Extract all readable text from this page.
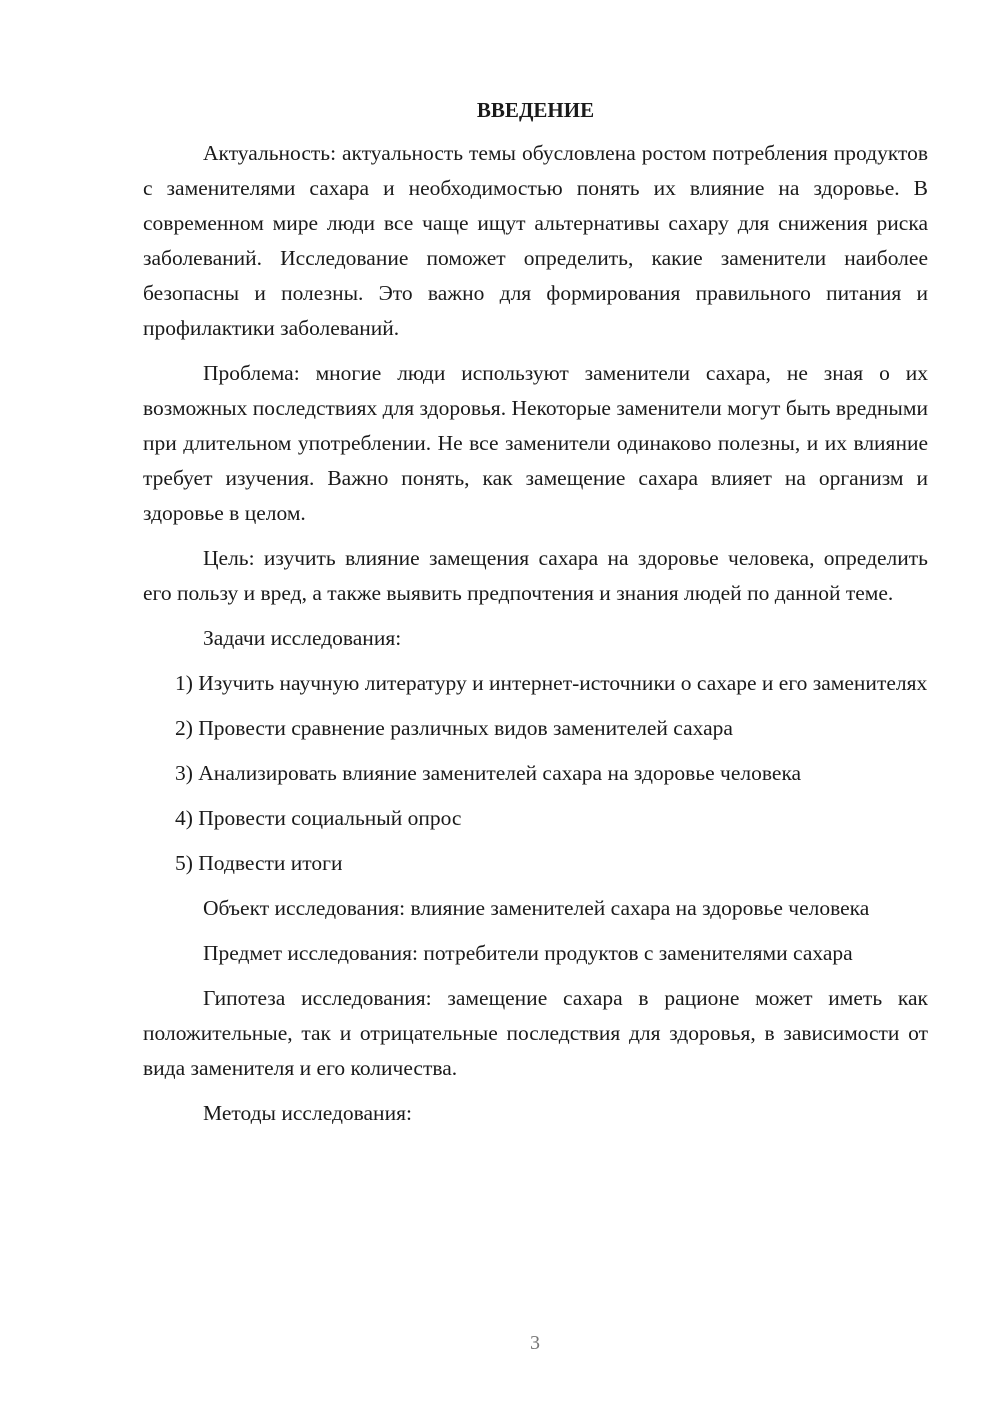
ВВЕДЕНИЕ

Актуальность: актуальность темы обусловлена ростом потребления продуктов с заменителями сахара и необходимостью понять их влияние на здоровье. В современном мире люди все чаще ищут альтернативы сахару для снижения риска заболеваний. Исследование поможет определить, какие заменители наиболее безопасны и полезны. Это важно для формирования правильного питания и профилактики заболеваний.

Проблема: многие люди используют заменители сахара, не зная о их возможных последствиях для здоровья. Некоторые заменители могут быть вредными при длительном употреблении. Не все заменители одинаково полезны, и их влияние требует изучения. Важно понять, как замещение сахара влияет на организм и здоровье в целом.

Цель: изучить влияние замещения сахара на здоровье человека, определить его пользу и вред, а также выявить предпочтения и знания людей по данной теме.

Задачи исследования:

1) Изучить научную литературу и интернет-источники о сахаре и его заменителях

2) Провести сравнение различных видов заменителей сахара

3) Анализировать влияние заменителей сахара на здоровье человека

4) Провести социальный опрос

5) Подвести итоги

Объект исследования: влияние заменителей сахара на здоровье человека

Предмет исследования: потребители продуктов с заменителями сахара

Гипотеза исследования: замещение сахара в рационе может иметь как положительные, так и отрицательные последствия для здоровья, в зависимости от вида заменителя и его количества.

Методы исследования:

3
